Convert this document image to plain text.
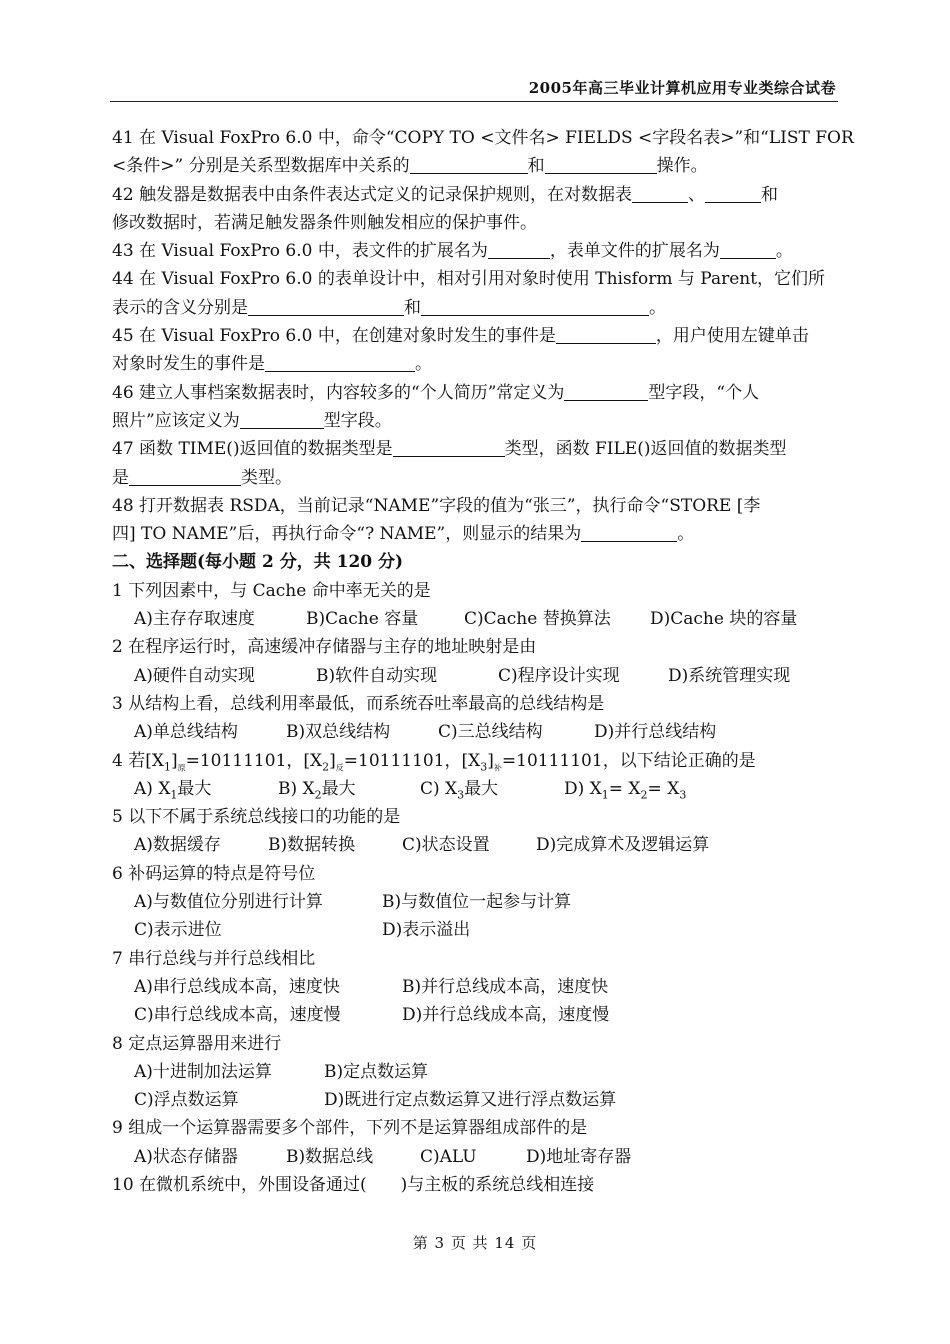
2005年高三毕业计算机应用专业类综合试卷
41 在 Visual FoxPro 6.0 中，命令“COPY TO <文件名> FIELDS <字段名表>”和“LIST FOR
<条件>” 分别是关系型数据库中关系的	和	操作。
42 触发器是数据表中由条件表达式定义的记录保护规则，在对数据表	、	和
修改数据时，若满足触发器条件则触发相应的保护事件。
43 在 Visual FoxPro 6.0 中，表文件的扩展名为	，表单文件的扩展名为	。
44 在 Visual FoxPro 6.0 的表单设计中，相对引用对象时使用 Thisform 与 Parent，它们所
表示的含义分别是	和	。
45 在 Visual FoxPro 6.0 中，在创建对象时发生的事件是	，用户使用左键单击
对象时发生的事件是	。
46 建立人事档案数据表时，内容较多的“个人简历”常定义为	型字段，“个人
照片”应该定义为	型字段。
47 函数 TIME()返回值的数据类型是	类型，函数 FILE()返回值的数据类型
是	类型。
48 打开数据表 RSDA，当前记录“NAME”字段的值为“张三”，执行命令“STORE [李
四] TO NAME”后，再执行命令“? NAME”，则显示的结果为	。
二、选择题(每小题 2 分，共 120 分)
1 下列因素中，与 Cache 命中率无关的是
A)主存存取速度	B)Cache 容量	C)Cache 替换算法	D)Cache 块的容量
2 在程序运行时，高速缓冲存储器与主存的地址映射是由
A)硬件自动实现	B)软件自动实现	C)程序设计实现	D)系统管理实现
3 从结构上看，总线利用率最低，而系统吞吐率最高的总线结构是
A)单总线结构	B)双总线结构	C)三总线结构	D)并行总线结构
4 若$[X_1]_原=10111101$，$[X_2]_反=10111101$，$[X_3]_补=10111101$，以下结论正确的是
A) $X_1$最大	B) $X_2$最大	C) $X_3$最大	D) $X_1= X_2= X_3$
5 以下不属于系统总线接口的功能的是
A)数据缓存	B)数据转换	C)状态设置	D)完成算术及逻辑运算
6 补码运算的特点是符号位
A)与数值位分别进行计算	B)与数值位一起参与计算
C)表示进位	D)表示溢出
7 串行总线与并行总线相比
A)串行总线成本高，速度快	B)并行总线成本高，速度快
C)串行总线成本高，速度慢	D)并行总线成本高，速度慢
8 定点运算器用来进行
A)十进制加法运算	B)定点数运算
C)浮点数运算	D)既进行定点数运算又进行浮点数运算
9 组成一个运算器需要多个部件，下列不是运算器组成部件的是
A)状态存储器	B)数据总线	C)ALU	D)地址寄存器
10 在微机系统中，外围设备通过(　　)与主板的系统总线相连接
第 3 页 共 14 页
